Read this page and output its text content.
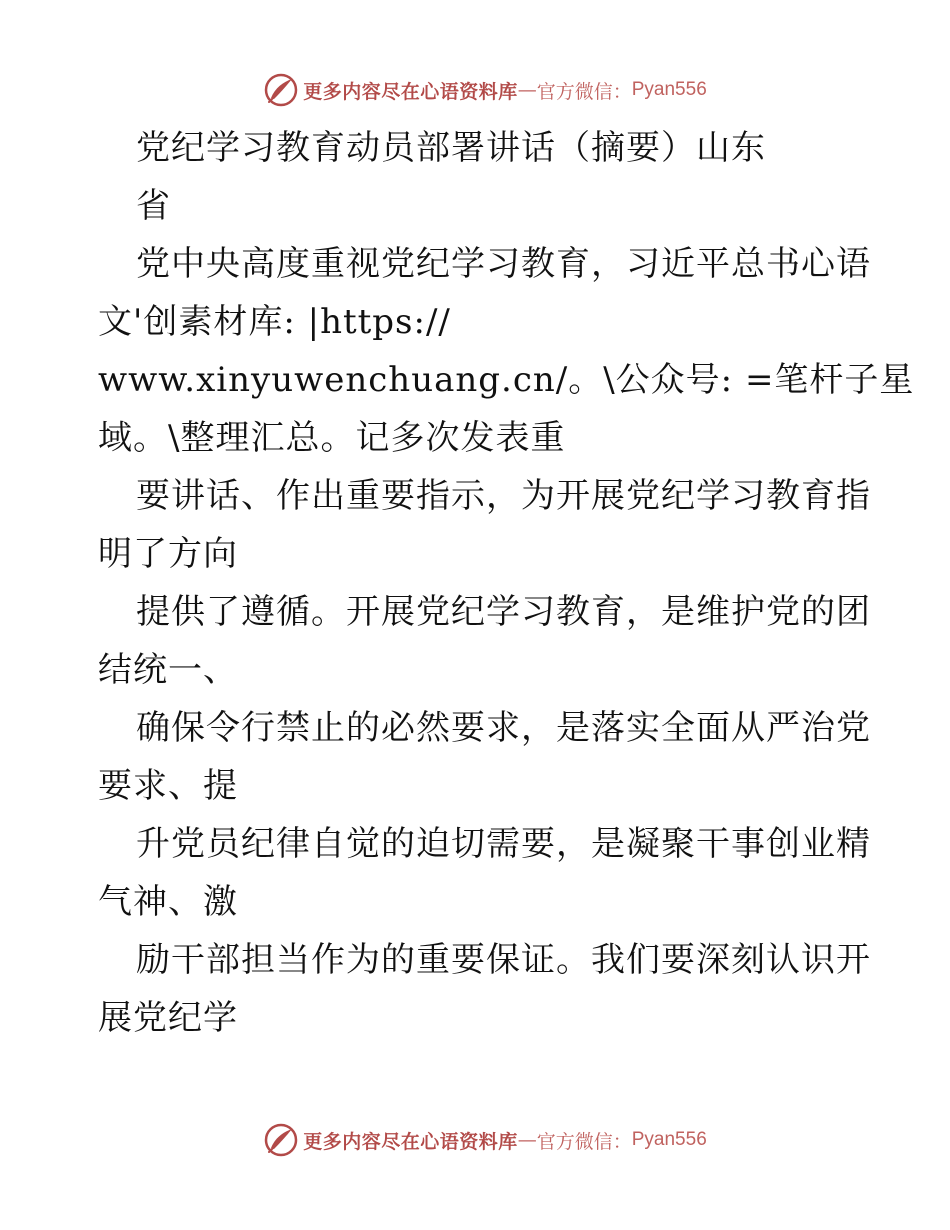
更多内容尽在心语资料库 — 官方微信： Pyan556
党纪学习教育动员部署讲话（摘要）山东
省
党中央高度重视党纪学习教育，习近平总书心语
文'创素材库: |https://
www.xinyuwenchuang.cn/。\公众号: =笔杆子星
域。\整理汇总。记多次发表重
要讲话、作出重要指示，为开展党纪学习教育指
明了方向
提供了遵循。开展党纪学习教育，是维护党的团
结统一、
确保令行禁止的必然要求，是落实全面从严治党
要求、提
升党员纪律自觉的迫切需要，是凝聚干事创业精
气神、激
励干部担当作为的重要保证。我们要深刻认识开
展党纪学
更多内容尽在心语资料库 — 官方微信： Pyan556
